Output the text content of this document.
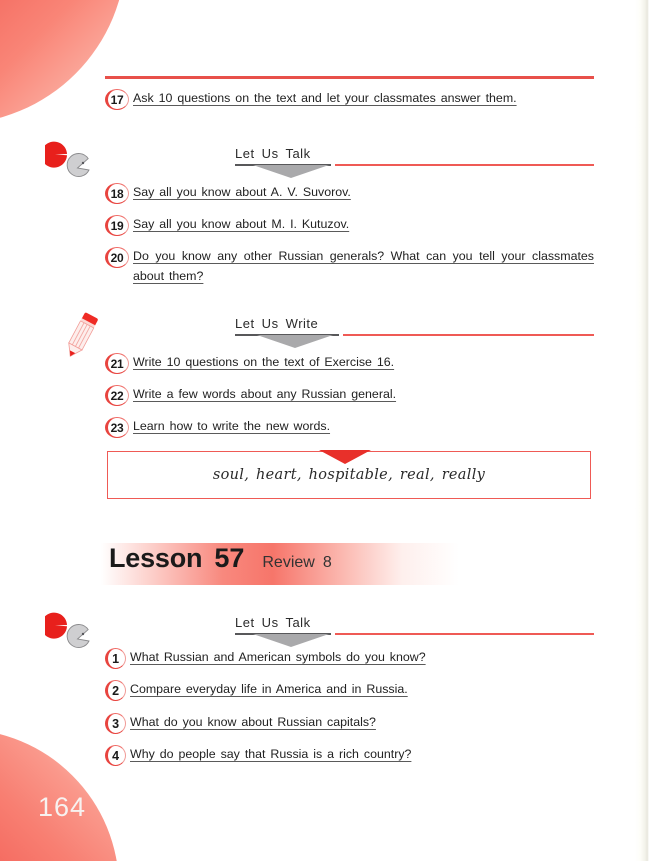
164
17 Ask 10 questions on the text and let your classmates answer them.
Let Us Talk
18 Say all you know about A. V. Suvorov.
19 Say all you know about M. I. Kutuzov.
20 Do you know any other Russian generals? What can you tell your classmates about them?
Let Us Write
21 Write 10 questions on the text of Exercise 16.
22 Write a few words about any Russian general.
23 Learn how to write the new words.
soul, heart, hospitable, real, really
Lesson 57 Review 8
Let Us Talk
1 What Russian and American symbols do you know?
2 Compare everyday life in America and in Russia.
3 What do you know about Russian capitals?
4 Why do people say that Russia is a rich country?
